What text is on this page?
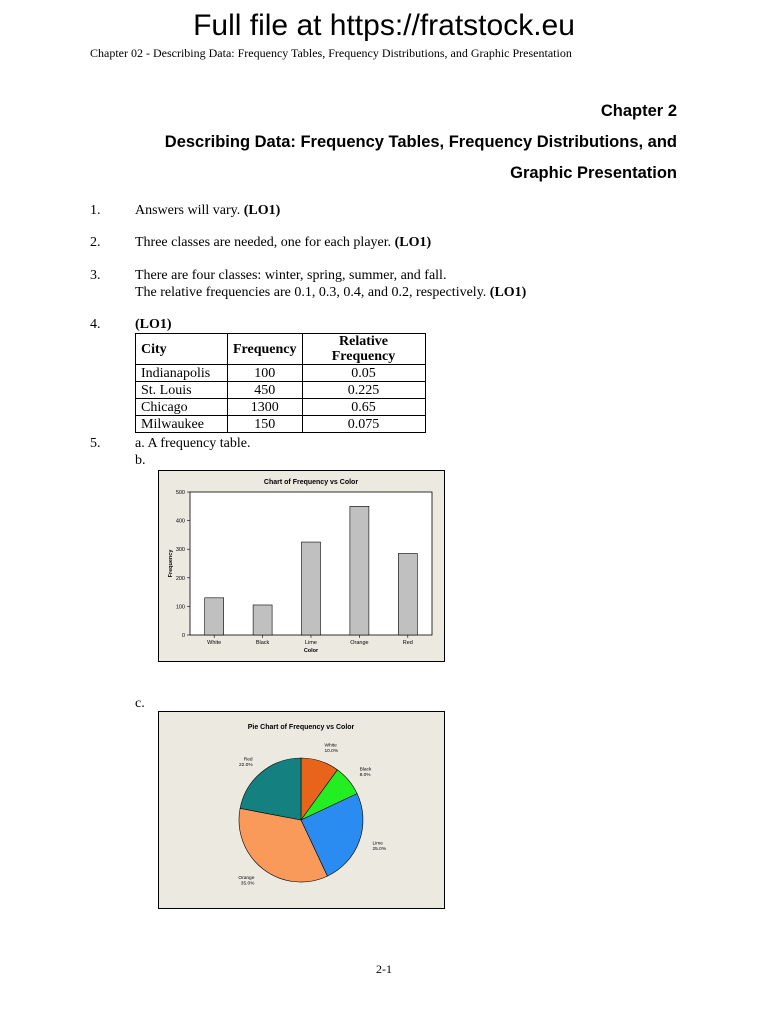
Full file at https://fratstock.eu
Chapter 02 - Describing Data: Frequency Tables, Frequency Distributions, and Graphic Presentation
Chapter 2
Describing Data: Frequency Tables, Frequency Distributions, and
Graphic Presentation
1. Answers will vary. (LO1)
2. Three classes are needed, one for each player. (LO1)
3. There are four classes: winter, spring, summer, and fall.
The relative frequencies are 0.1, 0.3, 0.4, and 0.2, respectively. (LO1)
4. (LO1)
City	Frequency	Relative Frequency
Indianapolis	100	0.05
St. Louis	450	0.225
Chicago	1300	0.65
Milwaukee	150	0.075
5. a. A frequency table.
b.
Chart of Frequency vs Color
0
100
200
300
400
500
White	Black	Lime	Orange	Red
Color
Frequency
c.
Pie Chart of Frequency vs Color
White
10.0%
Black
8.0%
Lime
25.0%
Orange
35.0%
Red
22.0%
2-1
